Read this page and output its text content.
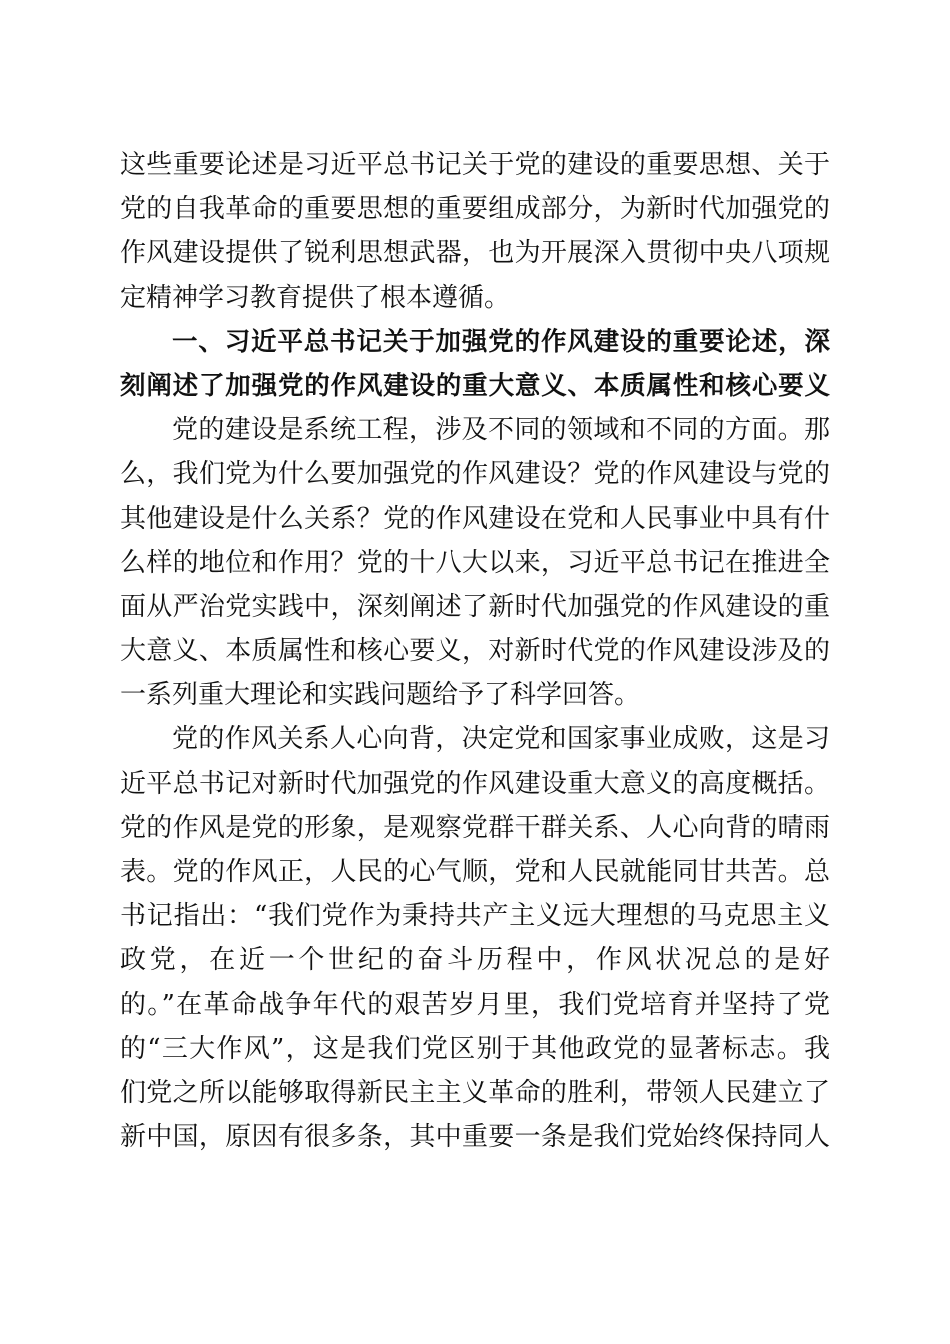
这些重要论述是习近平总书记关于党的建设的重要思想、关于
党的自我革命的重要思想的重要组成部分，为新时代加强党的
作风建设提供了锐利思想武器，也为开展深入贯彻中央八项规
定精神学习教育提供了根本遵循。
一、习近平总书记关于加强党的作风建设的重要论述，深
刻阐述了加强党的作风建设的重大意义、本质属性和核心要义
党的建设是系统工程，涉及不同的领域和不同的方面。那
么，我们党为什么要加强党的作风建设？党的作风建设与党的
其他建设是什么关系？党的作风建设在党和人民事业中具有什
么样的地位和作用？党的十八大以来，习近平总书记在推进全
面从严治党实践中，深刻阐述了新时代加强党的作风建设的重
大意义、本质属性和核心要义，对新时代党的作风建设涉及的
一系列重大理论和实践问题给予了科学回答。
党的作风关系人心向背，决定党和国家事业成败，这是习
近平总书记对新时代加强党的作风建设重大意义的高度概括。
党的作风是党的形象，是观察党群干群关系、人心向背的晴雨
表。党的作风正，人民的心气顺，党和人民就能同甘共苦。总
书记指出：“我们党作为秉持共产主义远大理想的马克思主义
政党，在近一个世纪的奋斗历程中，作风状况总的是好
的。”在革命战争年代的艰苦岁月里，我们党培育并坚持了党
的“三大作风”，这是我们党区别于其他政党的显著标志。我
们党之所以能够取得新民主主义革命的胜利，带领人民建立了
新中国，原因有很多条，其中重要一条是我们党始终保持同人
